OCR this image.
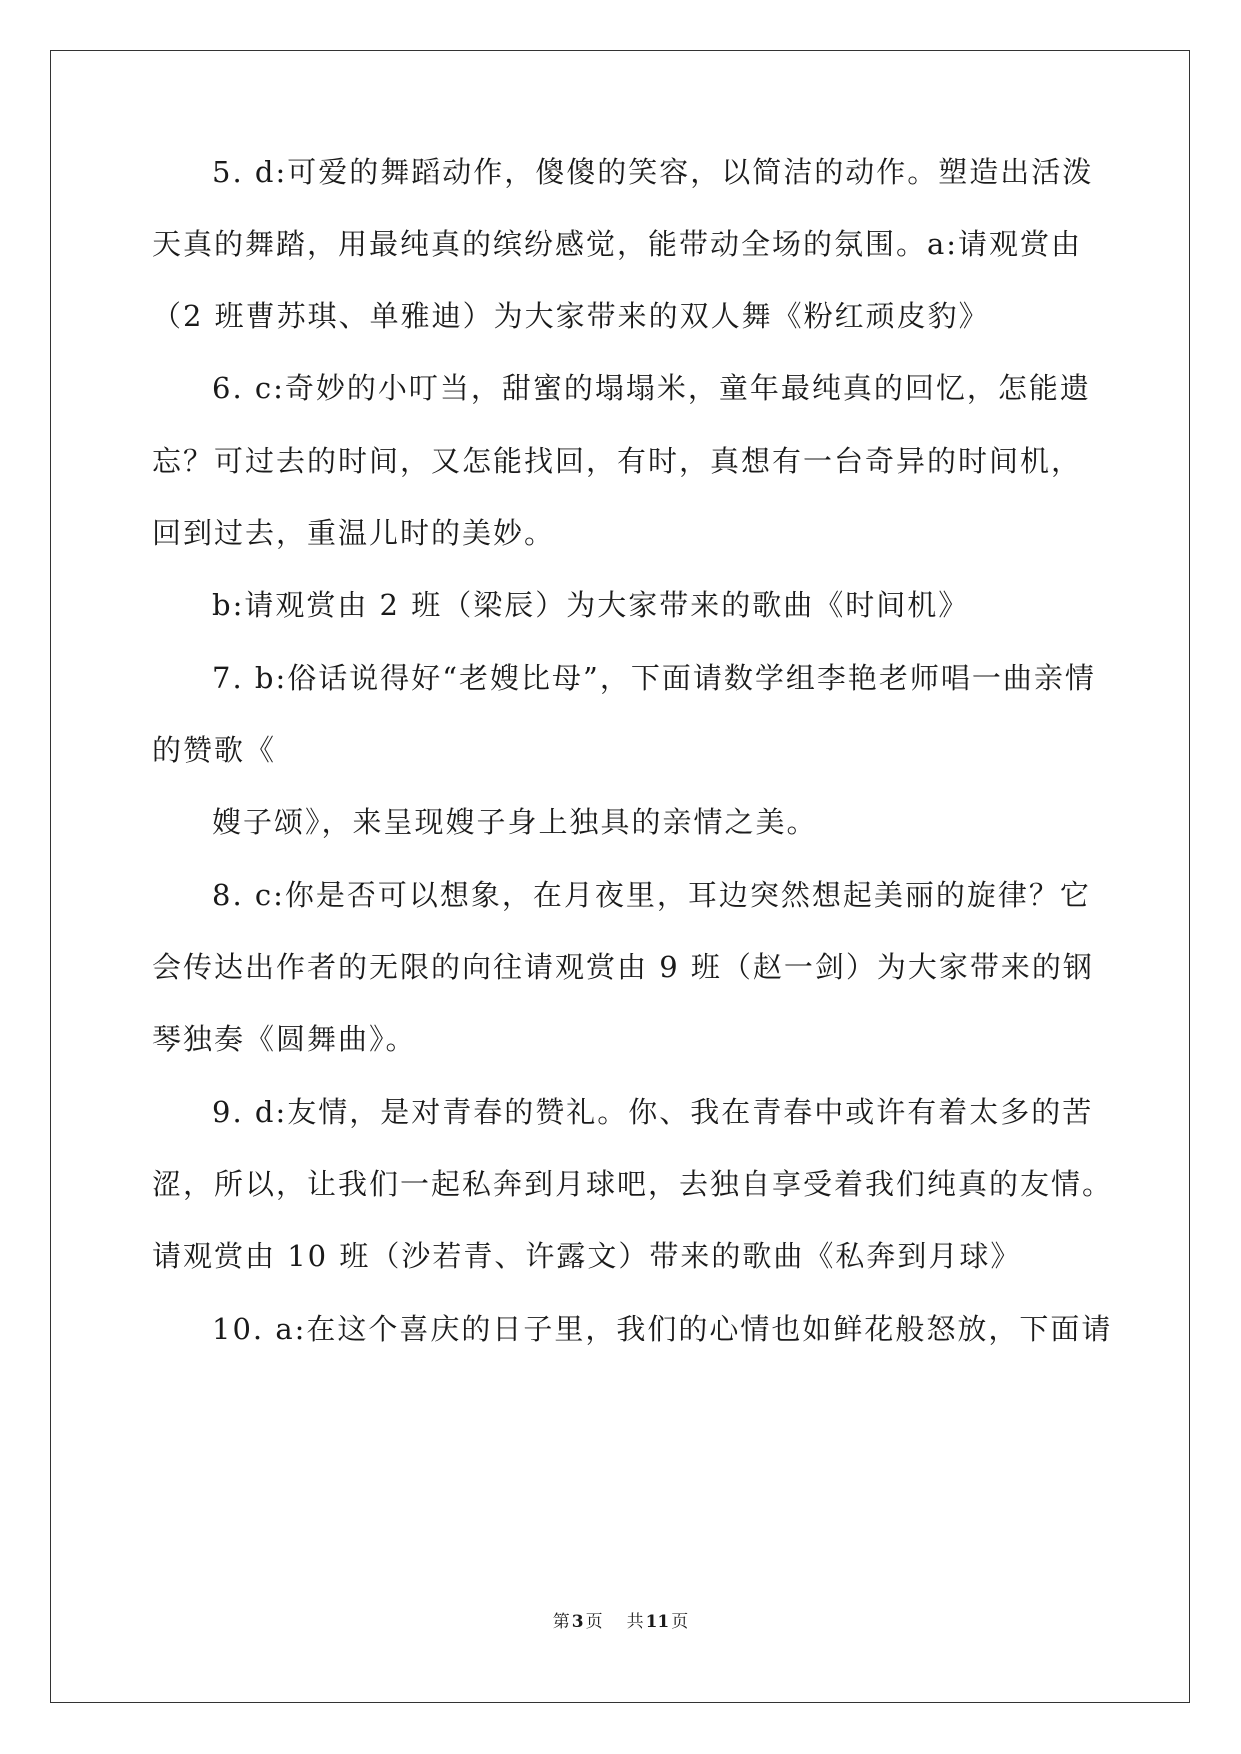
5. d:可爱的舞蹈动作，傻傻的笑容，以简洁的动作。塑造出活泼
天真的舞踏，用最纯真的缤纷感觉，能带动全场的氛围。a:请观赏由
（2 班曹苏琪、单雅迪）为大家带来的双人舞《粉红顽皮豹》
6. c:奇妙的小叮当，甜蜜的塌塌米，童年最纯真的回忆，怎能遗
忘？可过去的时间，又怎能找回，有时，真想有一台奇异的时间机，
回到过去，重温儿时的美妙。
b:请观赏由 2 班（梁辰）为大家带来的歌曲《时间机》
7. b:俗话说得好“老嫂比母”，下面请数学组李艳老师唱一曲亲情
的赞歌《
嫂子颂》，来呈现嫂子身上独具的亲情之美。
8. c:你是否可以想象，在月夜里，耳边突然想起美丽的旋律？它
会传达出作者的无限的向往请观赏由 9 班（赵一剑）为大家带来的钢
琴独奏《圆舞曲》。
9. d:友情，是对青春的赞礼。你、我在青春中或许有着太多的苦
涩，所以，让我们一起私奔到月球吧，去独自享受着我们纯真的友情。
请观赏由 10 班（沙若青、许露文）带来的歌曲《私奔到月球》
10. a:在这个喜庆的日子里，我们的心情也如鲜花般怒放，下面请
第 3 页 共 11 页
